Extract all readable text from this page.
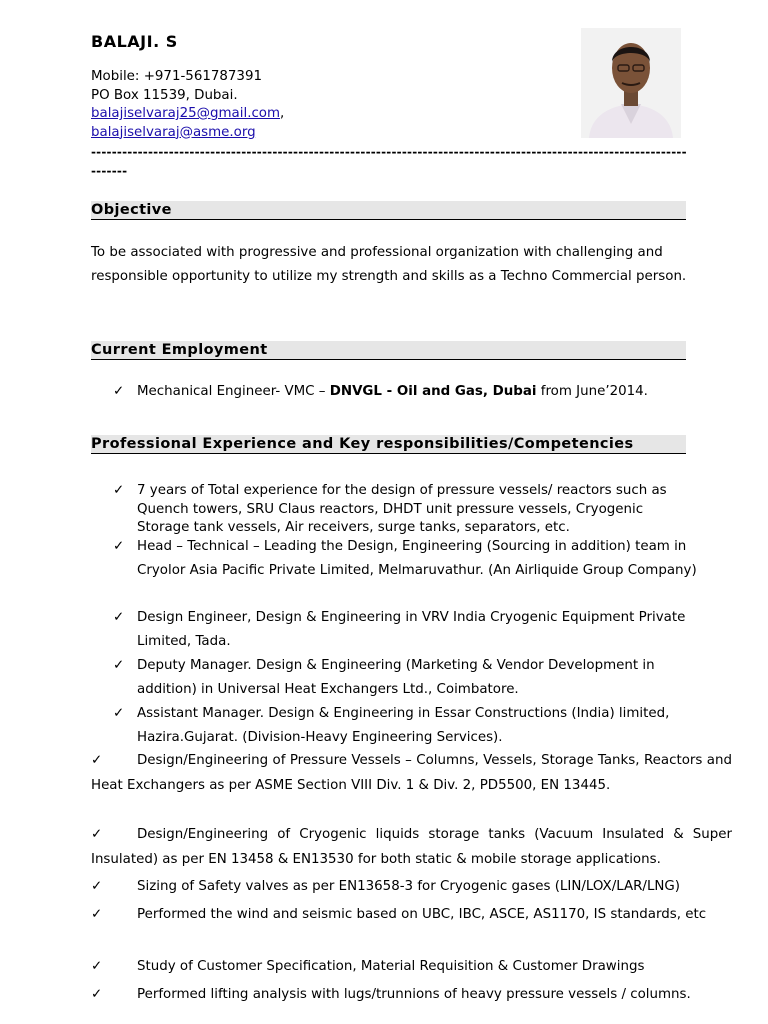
BALAJI. S
Mobile: +971-561787391
PO Box 11539, Dubai.
balajiselvaraj25@gmail.com,
balajiselvaraj@asme.org
--------------------------------------------------------------------------------------------------------------------------
Objective
To be associated with progressive and professional organization with challenging and responsible opportunity to utilize my strength and skills as a Techno Commercial person.
Current Employment
✓ Mechanical Engineer- VMC – DNVGL - Oil and Gas, Dubai from June’2014.
Professional Experience and Key responsibilities/Competencies
✓ 7 years of Total experience for the design of pressure vessels/ reactors such as Quench towers, SRU Claus reactors, DHDT unit pressure vessels, Cryogenic Storage tank vessels, Air receivers, surge tanks, separators, etc.
✓ Head – Technical – Leading the Design, Engineering (Sourcing in addition) team in Cryolor Asia Pacific Private Limited, Melmaruvathur. (An Airliquide Group Company)
✓ Design Engineer, Design & Engineering in VRV India Cryogenic Equipment Private Limited, Tada.
✓ Deputy Manager. Design & Engineering (Marketing & Vendor Development in addition) in Universal Heat Exchangers Ltd., Coimbatore.
✓ Assistant Manager. Design & Engineering in Essar Constructions (India) limited, Hazira.Gujarat. (Division-Heavy Engineering Services).
✓	Design/Engineering of Pressure Vessels – Columns, Vessels, Storage Tanks, Reactors and Heat Exchangers as per ASME Section VIII Div. 1 & Div. 2, PD5500, EN 13445.
✓	Design/Engineering of Cryogenic liquids storage tanks (Vacuum Insulated & Super Insulated) as per EN 13458 & EN13530 for both static & mobile storage applications.
✓	Sizing of Safety valves as per EN13658-3 for Cryogenic gases (LIN/LOX/LAR/LNG)
✓	Performed the wind and seismic based on UBC, IBC, ASCE, AS1170, IS standards, etc
✓	Study of Customer Specification, Material Requisition & Customer Drawings
✓	Performed lifting analysis with lugs/trunnions of heavy pressure vessels / columns.
